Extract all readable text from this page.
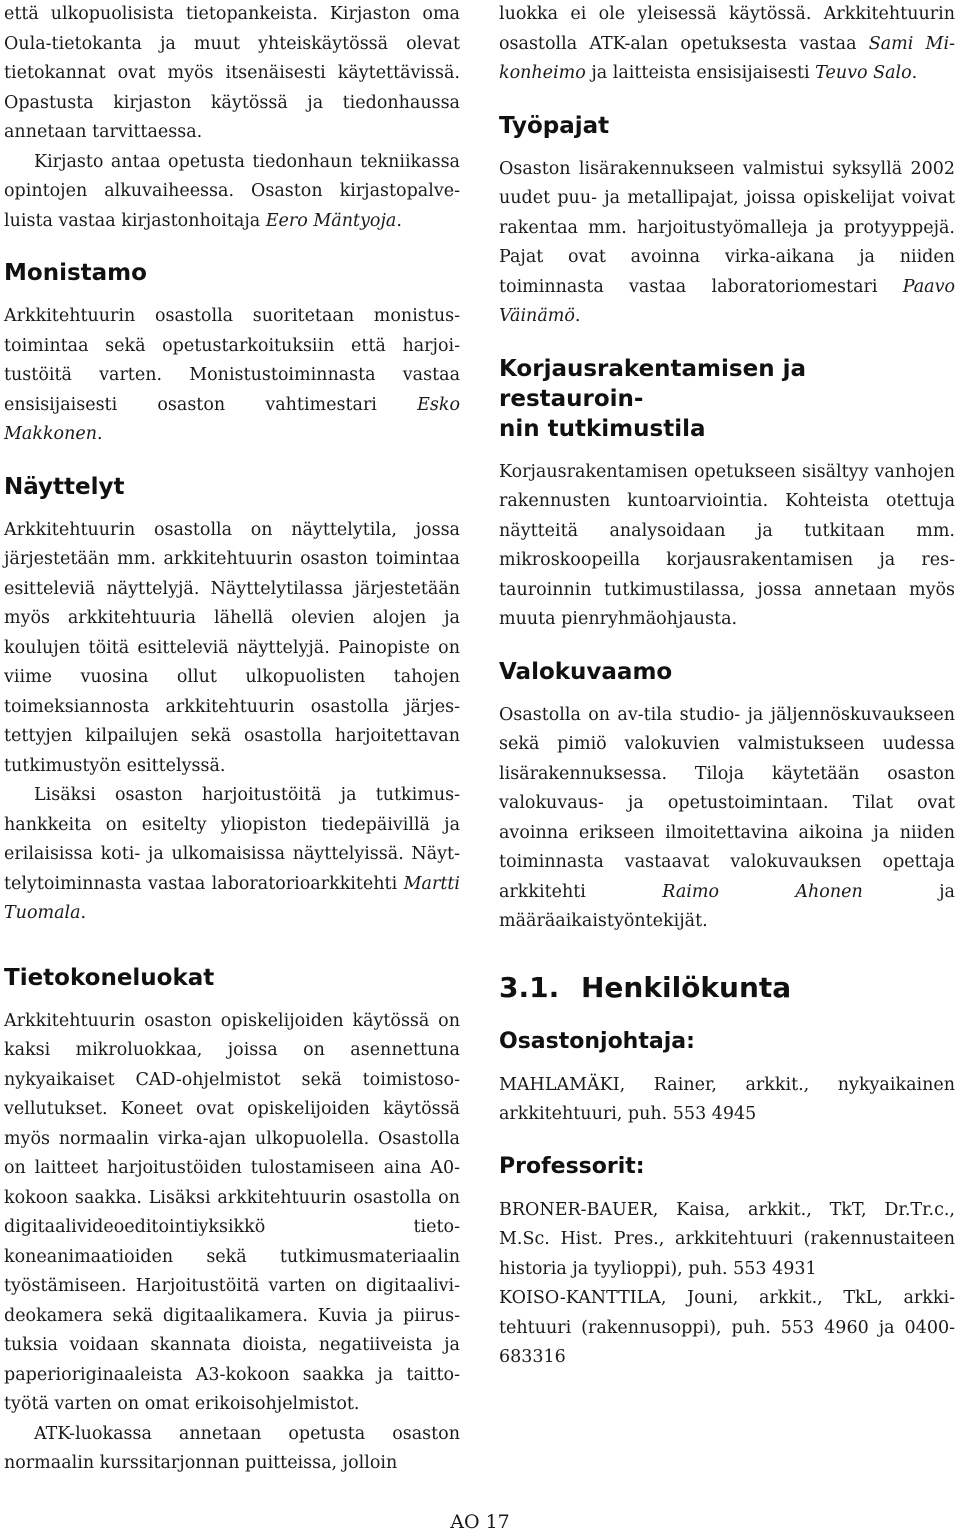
että ulkopuolisista tietopankeista. Kirjaston oma Oula-tietokanta ja muut yhteiskäytössä olevat tietokannat ovat myös itsenäisesti käytettävissä. Opastusta kirjaston käytössä ja tiedonhaussa annetaan tarvittaessa.

Kirjasto antaa opetusta tiedonhaun tekniikassa opintojen alkuvaiheessa. Osaston kirjastopalveluista vastaa kirjastonhoitaja Eero Mäntyoja.

Monistamo

Arkkitehtuurin osastolla suoritetaan monistustoimintaa sekä opetustarkoituksiin että harjoitustöitä varten. Monistustoiminnasta vastaa ensisijaisesti osaston vahtimestari Esko Makkonen.

Näyttelyt

Arkkitehtuurin osastolla on näyttelytila, jossa järjestetään mm. arkkitehtuurin osaston toimintaa esitteleviä näyttelyjä. Näyttelytilassa järjestetään myös arkkitehtuuria lähellä olevien alojen ja koulujen töitä esitteleviä näyttelyjä. Painopiste on viime vuosina ollut ulkopuolisten tahojen toimeksiannosta arkkitehtuurin osastolla järjestettyjen kilpailujen sekä osastolla harjoitettavan tutkimustyön esittelyssä.

Lisäksi osaston harjoitustöitä ja tutkimushankkeita on esitelty yliopiston tiedepäivillä ja erilaisissa koti- ja ulkomaisissa näyttelyissä. Näyttelytoiminnasta vastaa laboratorioarkkitehti Martti Tuomala.

Tietokoneluokat

Arkkitehtuurin osaston opiskelijoiden käytössä on kaksi mikroluokkaa, joissa on asennettuna nykyaikaiset CAD-ohjelmistot sekä toimistosovellutukset. Koneet ovat opiskelijoiden käytössä myös normaalin virka-ajan ulkopuolella. Osastolla on laitteet harjoitustöiden tulostamiseen aina A0-kokoon saakka. Lisäksi arkkitehtuurin osastolla on digitaalivideoeditointiyksikkö tietokoneanimaatioiden sekä tutkimusmateriaalin työstämiseen. Harjoitustöitä varten on digitaalivideokamera sekä digitaalikamera. Kuvia ja piirustuksia voidaan skannata dioista, negatiiveista ja paperioriginaaleista A3-kokoon saakka ja taittotyötä varten on omat erikoisohjelmistot.

ATK-luokassa annetaan opetusta osaston normaalin kurssitarjonnan puitteissa, jolloin

luokka ei ole yleisessä käytössä. Arkkitehtuurin osastolla ATK-alan opetuksesta vastaa Sami Mikonheimo ja laitteista ensisijaisesti Teuvo Salo.

Työpajat

Osaston lisärakennukseen valmistui syksyllä 2002 uudet puu- ja metallipajat, joissa opiskelijat voivat rakentaa mm. harjoitustyömalleja ja protyyppejä. Pajat ovat avoinna virka-aikana ja niiden toiminnasta vastaa laboratoriomestari Paavo Väinämö.

Korjausrakentamisen ja restauroin-
nin tutkimustila

Korjausrakentamisen opetukseen sisältyy vanhojen rakennusten kuntoarviointia. Kohteista otettuja näytteitä analysoidaan ja tutkitaan mm. mikroskoopeilla korjausrakentamisen ja restauroinnin tutkimustilassa, jossa annetaan myös muuta pienryhmäohjausta.

Valokuvaamo

Osastolla on av-tila studio- ja jäljennöskuvaukseen sekä pimiö valokuvien valmistukseen uudessa lisärakennuksessa. Tiloja käytetään osaston valokuvaus- ja opetustoimintaan. Tilat ovat avoinna erikseen ilmoitettavina aikoina ja niiden toiminnasta vastaavat valokuvauksen opettaja arkkitehti Raimo Ahonen ja määräaikaistyöntekijät.

3.1. Henkilökunta
Osastonjohtaja:

MAHLAMÄKI, Rainer, arkkit., nykyaikainen arkkitehtuuri, puh. 553 4945

Professorit:

BRONER-BAUER, Kaisa, arkkit., TkT, Dr.Tr.c., M.Sc. Hist. Pres., arkkitehtuuri (rakennustaiteen historia ja tyylioppi), puh. 553 4931

KOISO-KANTTILA, Jouni, arkkit., TkL, arkkitehtuuri (rakennusoppi), puh. 553 4960 ja 0400-683316

AO 17
